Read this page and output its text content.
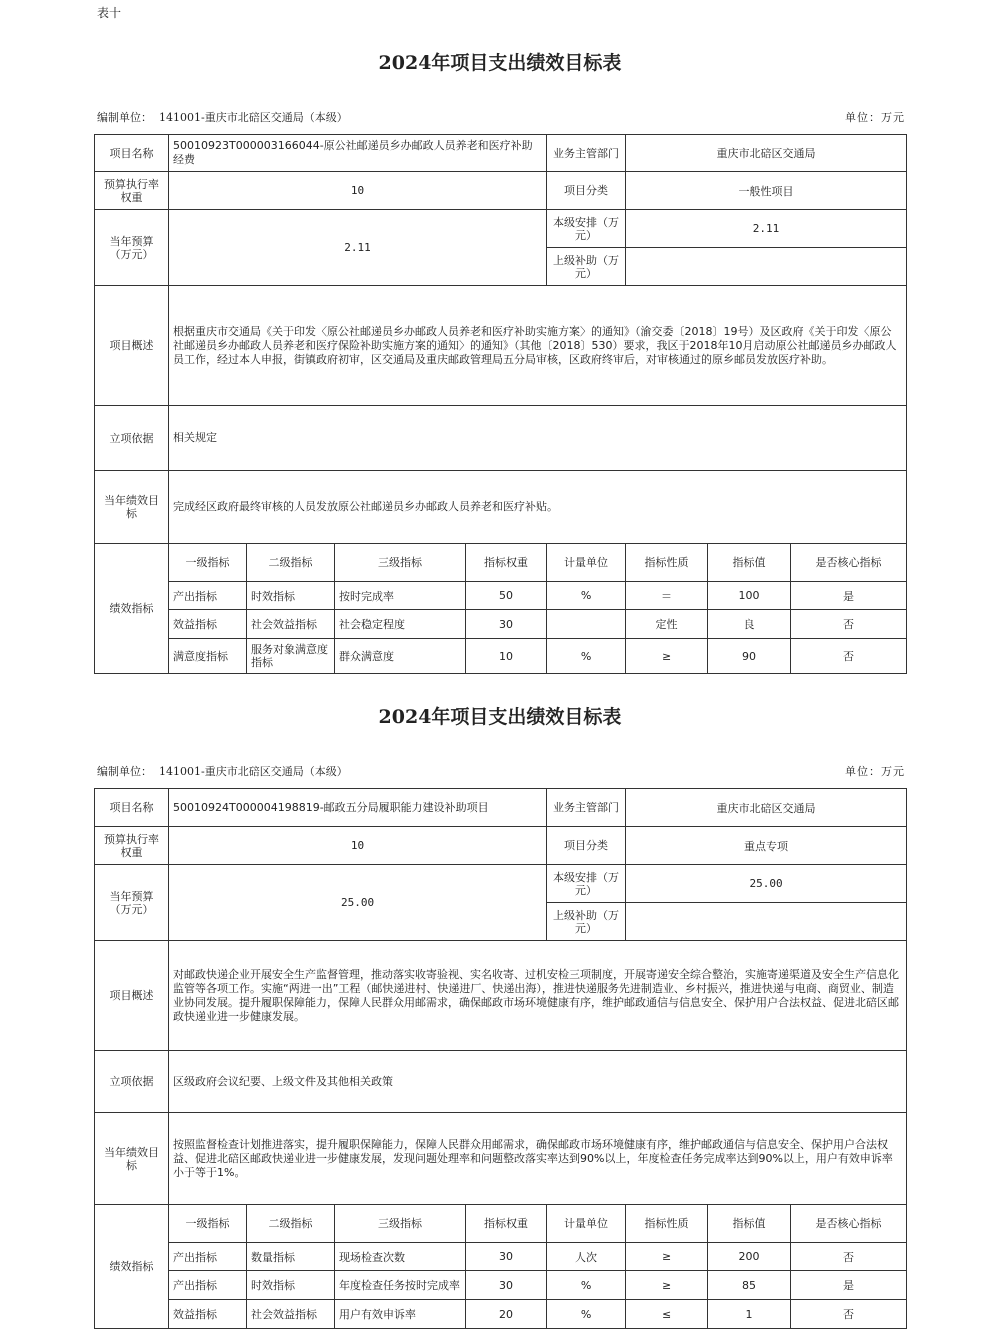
表十
2024年项目支出绩效目标表
编制单位： 141001-重庆市北碚区交通局（本级）	单位：万元
项目名称	50010923T000003166044-原公社邮递员乡办邮政人员养老和医疗补助经费				业务主管部门	重庆市北碚区交通局		
预算执行率权重	10				项目分类	一般性项目		
当年预算（万元）	2.11				本级安排（万元）	2.11		
					上级补助（万元）			
项目概述	根据重庆市交通局《关于印发〈原公社邮递员乡办邮政人员养老和医疗补助实施方案〉的通知》（渝交委〔2018〕19号）及区政府《关于印发〈原公社邮递员乡办邮政人员养老和医疗保险补助实施方案的通知〉的通知》（其他〔2018〕530）要求，我区于2018年10月启动原公社邮递员乡办邮政人员工作，经过本人申报，街镇政府初审，区交通局及重庆邮政管理局五分局审核，区政府终审后，对审核通过的原乡邮员发放医疗补助。							
立项依据	相关规定							
当年绩效目标	完成经区政府最终审核的人员发放原公社邮递员乡办邮政人员养老和医疗补贴。							
绩效指标	一级指标	二级指标	三级指标	指标权重	计量单位	指标性质	指标值	是否核心指标
	产出指标	时效指标	按时完成率	50	%	＝	100	是
	效益指标	社会效益指标	社会稳定程度	30		定性	良	否
	满意度指标	服务对象满意度指标	群众满意度	10	%	≥	90	否
2024年项目支出绩效目标表
编制单位： 141001-重庆市北碚区交通局（本级）	单位：万元
项目名称	50010924T000004198819-邮政五分局履职能力建设补助项目				业务主管部门	重庆市北碚区交通局		
预算执行率权重	10				项目分类	重点专项		
当年预算（万元）	25.00				本级安排（万元）	25.00		
					上级补助（万元）			
项目概述	对邮政快递企业开展安全生产监督管理，推动落实收寄验视、实名收寄、过机安检三项制度，开展寄递安全综合整治，实施寄递渠道及安全生产信息化监管等各项工作。实施“两进一出”工程（邮快递进村、快递进厂、快递出海），推进快递服务先进制造业、乡村振兴，推进快递与电商、商贸业、制造业协同发展。提升履职保障能力，保障人民群众用邮需求，确保邮政市场环境健康有序，维护邮政通信与信息安全、保护用户合法权益、促进北碚区邮政快递业进一步健康发展。							
立项依据	区级政府会议纪要、上级文件及其他相关政策							
当年绩效目标	按照监督检查计划推进落实，提升履职保障能力，保障人民群众用邮需求，确保邮政市场环境健康有序，维护邮政通信与信息安全、保护用户合法权益、促进北碚区邮政快递业进一步健康发展，发现问题处理率和问题整改落实率达到90%以上，年度检查任务完成率达到90%以上，用户有效申诉率小于等于1%。							
绩效指标	一级指标	二级指标	三级指标	指标权重	计量单位	指标性质	指标值	是否核心指标
	产出指标	数量指标	现场检查次数	30	人次	≥	200	否
	产出指标	时效指标	年度检查任务按时完成率	30	%	≥	85	是
	效益指标	社会效益指标	用户有效申诉率	20	%	≤	1	否
